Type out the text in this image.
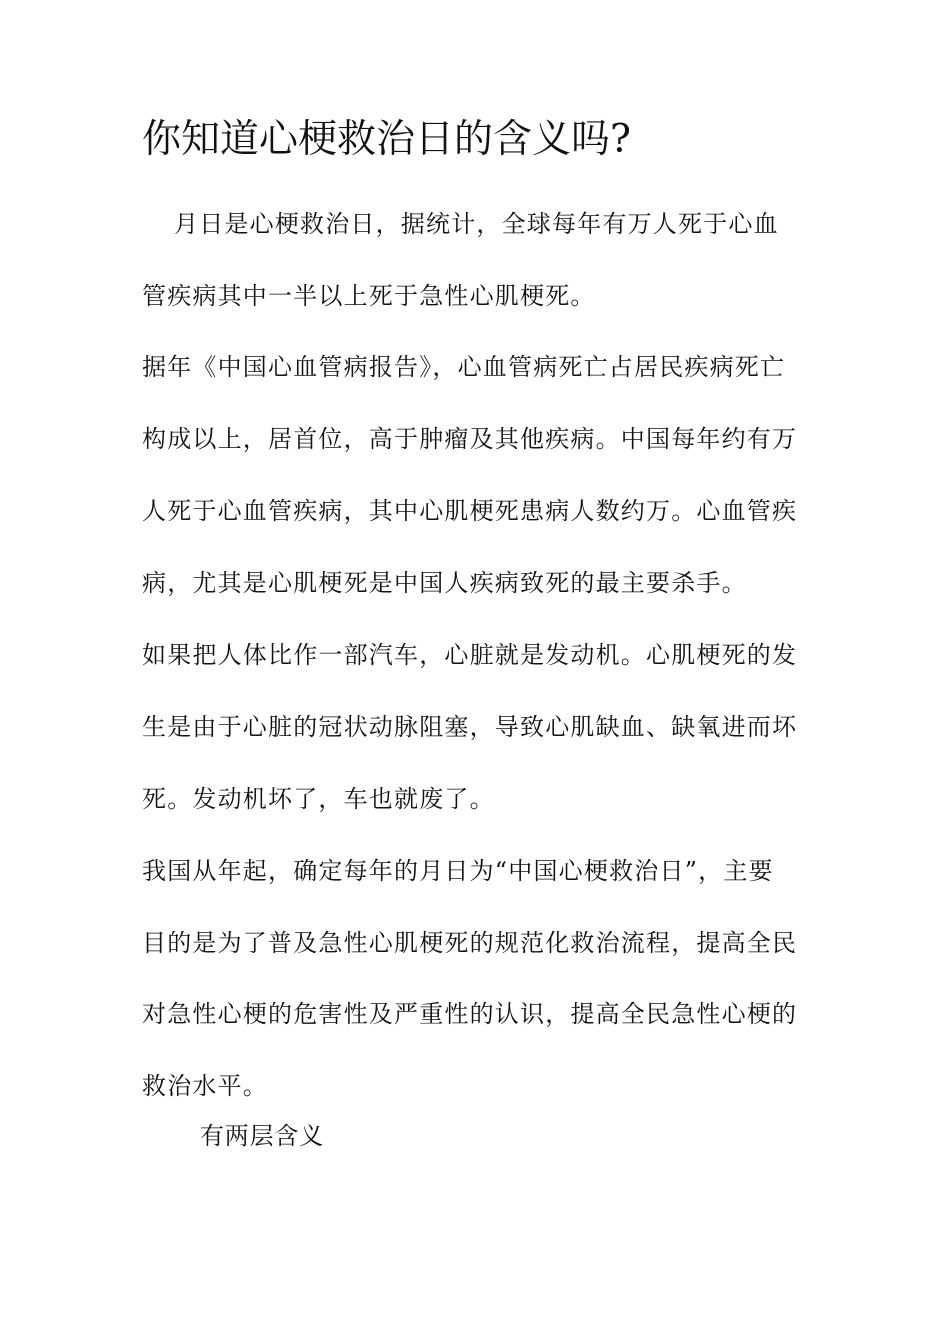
你知道心梗救治日的含义吗?

月日是心梗救治日，据统计，全球每年有万人死于心血

管疾病其中一半以上死于急性心肌梗死。

据年《中国心血管病报告》，心血管病死亡占居民疾病死亡

构成以上，居首位，高于肿瘤及其他疾病。中国每年约有万

人死于心血管疾病，其中心肌梗死患病人数约万。心血管疾

病，尤其是心肌梗死是中国人疾病致死的最主要杀手。

如果把人体比作一部汽车，心脏就是发动机。心肌梗死的发

生是由于心脏的冠状动脉阻塞，导致心肌缺血、缺氧进而坏

死。发动机坏了，车也就废了。

我国从年起，确定每年的月日为“中国心梗救治日”，主要

目的是为了普及急性心肌梗死的规范化救治流程，提高全民

对急性心梗的危害性及严重性的认识，提高全民急性心梗的

救治水平。

有两层含义
